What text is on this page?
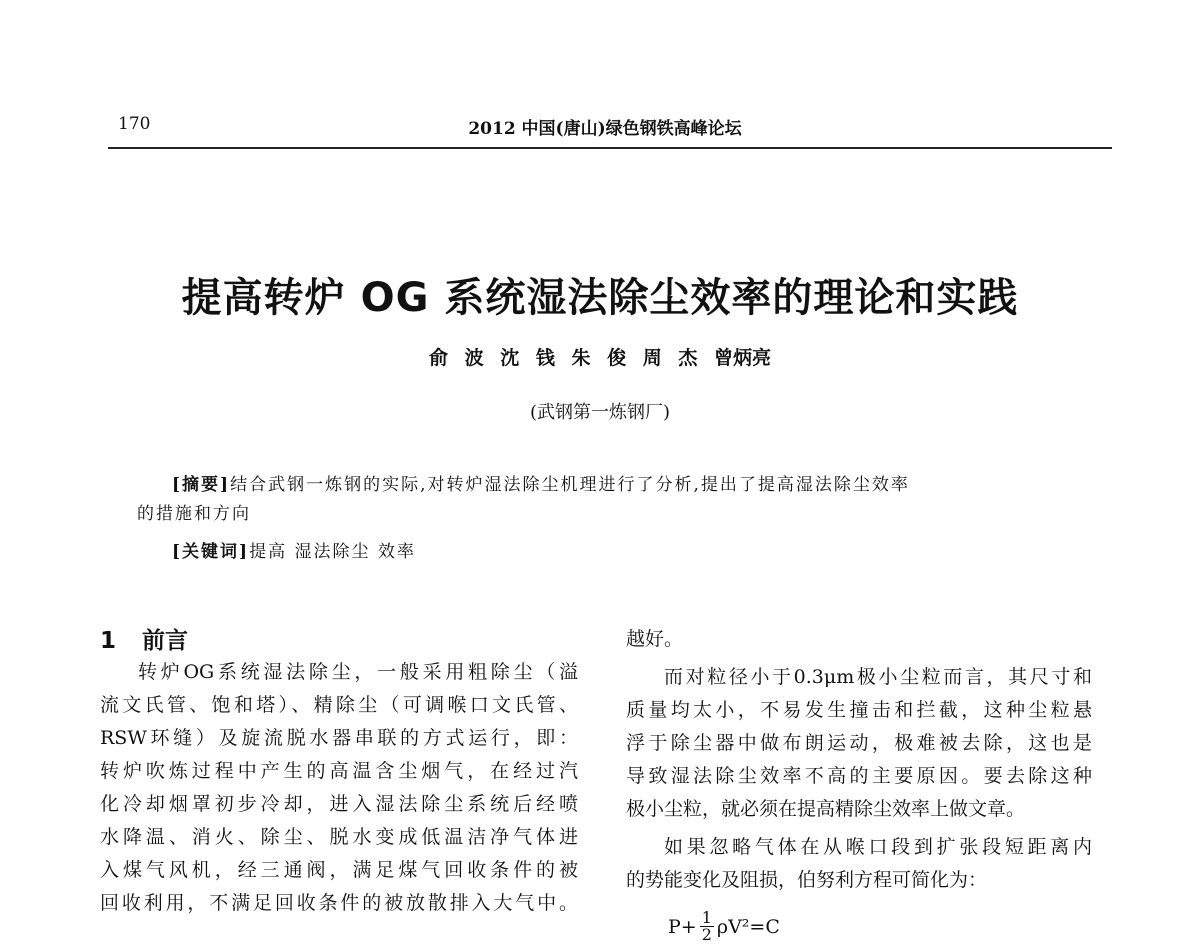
170	2012 中国(唐山)绿色钢铁高峰论坛
提高转炉 OG 系统湿法除尘效率的理论和实践
俞 波 沈 钱 朱 俊 周 杰 曾炳亮
(武钢第一炼钢厂)
[摘要]结合武钢一炼钢的实际,对转炉湿法除尘机理进行了分析,提出了提高湿法除尘效率
的措施和方向
[关键词]提高 湿法除尘 效率
1 前言
转炉OG系统湿法除尘，一般采用粗除尘（溢
流文氏管、饱和塔）、精除尘（可调喉口文氏管、
RSW环缝）及旋流脱水器串联的方式运行，即：
转炉吹炼过程中产生的高温含尘烟气，在经过汽
化冷却烟罩初步冷却，进入湿法除尘系统后经喷
水降温、消火、除尘、脱水变成低温洁净气体进
入煤气风机，经三通阀，满足煤气回收条件的被
回收利用，不满足回收条件的被放散排入大气中。
越好。
而对粒径小于0.3μm极小尘粒而言，其尺寸和
质量均太小，不易发生撞击和拦截，这种尘粒悬
浮于除尘器中做布朗运动，极难被去除，这也是
导致湿法除尘效率不高的主要原因。要去除这种
极小尘粒，就必须在提高精除尘效率上做文章。
如果忽略气体在从喉口段到扩张段短距离内
的势能变化及阻损，伯努利方程可简化为：
$P+ \frac{1}{2} \rho V^2=C$
